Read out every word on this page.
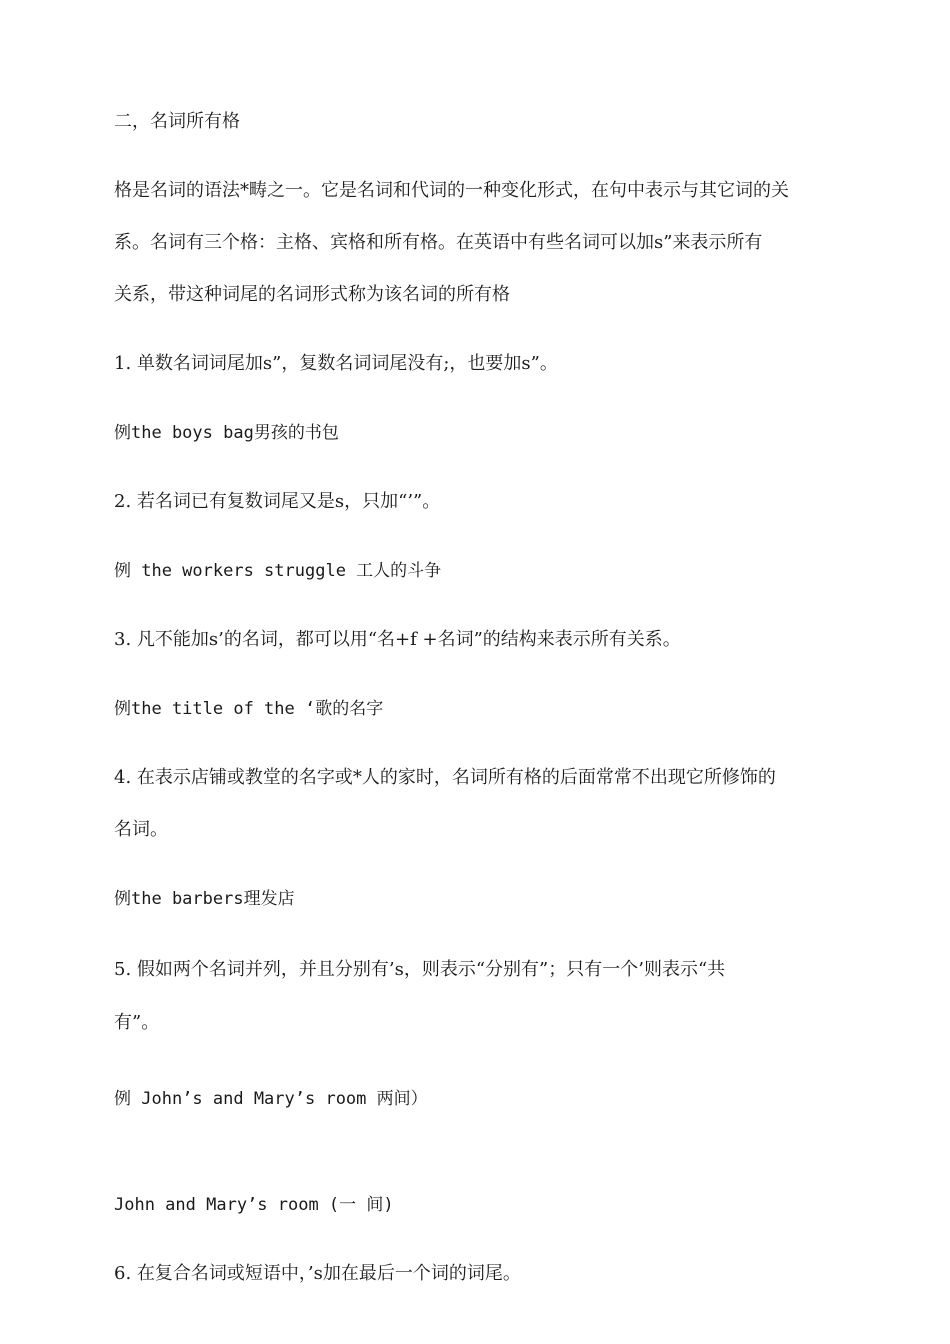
二，名词所有格
格是名词的语法*畴之一。它是名词和代词的一种变化形式，在句中表示与其它词的关
系。名词有三个格：主格、宾格和所有格。在英语中有些名词可以加s”来表示所有
关系，带这种词尾的名词形式称为该名词的所有格
1. 单数名词词尾加s”，复数名词词尾没有;，也要加s”。
例the boys bag男孩的书包
2. 若名词已有复数词尾又是s，只加“’”。
例 the workers struggle 工人的斗争
3. 凡不能加s’的名词，都可以用“名+f +名词”的结构来表示所有关系。
例the title of the ‘歌的名字
4. 在表示店铺或教堂的名字或*人的家时，名词所有格的后面常常不出现它所修饰的
名词。
例the barbers理发店
5. 假如两个名词并列，并且分别有’s，则表示“分别有”；只有一个’则表示“共
有”。
例 John’s and Mary’s room 两间）
John and Mary’s room (一 间)
6. 在复合名词或短语中，’s加在最后一个词的词尾。
